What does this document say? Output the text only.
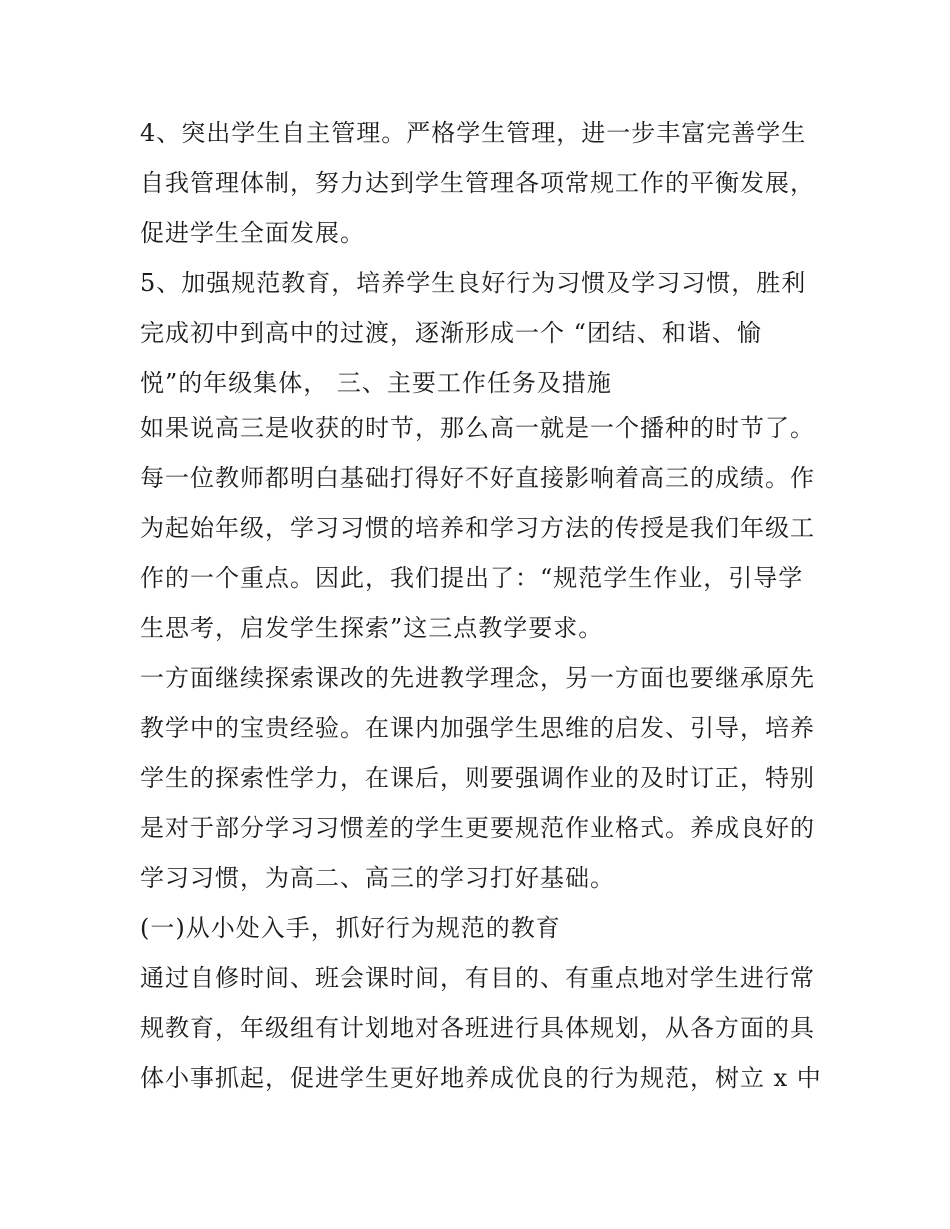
4、突出学生自主管理。严格学生管理，进一步丰富完善学生
自我管理体制，努力达到学生管理各项常规工作的平衡发展，
促进学生全面发展。
5、加强规范教育，培养学生良好行为习惯及学习习惯，胜利
完成初中到高中的过渡，逐渐形成一个 “团结、和谐、愉
悦”的年级集体， 三、主要工作任务及措施
如果说高三是收获的时节，那么高一就是一个播种的时节了。
每一位教师都明白基础打得好不好直接影响着高三的成绩。作
为起始年级，学习习惯的培养和学习方法的传授是我们年级工
作的一个重点。因此，我们提出了：“规范学生作业，引导学
生思考，启发学生探索”这三点教学要求。
一方面继续探索课改的先进教学理念，另一方面也要继承原先
教学中的宝贵经验。在课内加强学生思维的启发、引导，培养
学生的探索性学力，在课后，则要强调作业的及时订正，特别
是对于部分学习习惯差的学生更要规范作业格式。养成良好的
学习习惯，为高二、高三的学习打好基础。
(一)从小处入手，抓好行为规范的教育
通过自修时间、班会课时间，有目的、有重点地对学生进行常
规教育，年级组有计划地对各班进行具体规划，从各方面的具
体小事抓起，促进学生更好地养成优良的行为规范，树立 x 中
